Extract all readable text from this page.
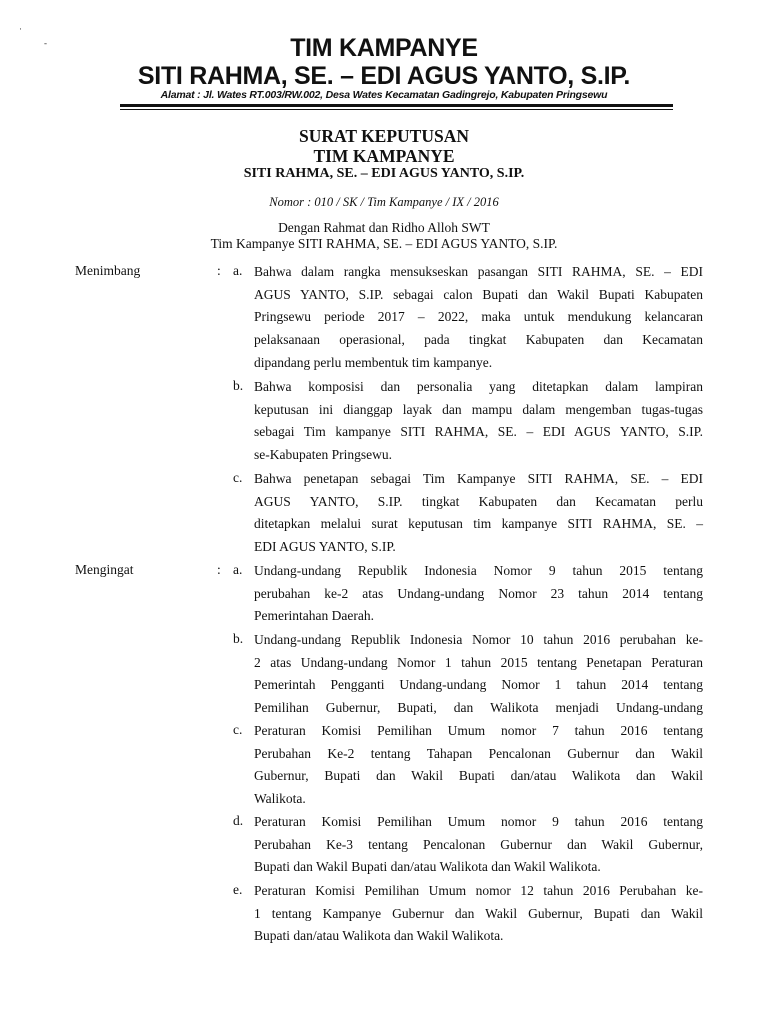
·
-	TIM KAMPANYE
SITI RAHMA, SE. – EDI AGUS YANTO, S.IP.
Alamat : Jl. Wates RT.003/RW.002, Desa Wates Kecamatan Gadingrejo, Kabupaten Pringsewu
SURAT KEPUTUSAN
TIM KAMPANYE
SITI RAHMA, SE. – EDI AGUS YANTO, S.IP.
Nomor : 010 / SK / Tim Kampanye / IX / 2016
Dengan Rahmat dan Ridho Alloh SWT
Tim Kampanye SITI RAHMA, SE. – EDI AGUS YANTO, S.IP.
Menimbang	: a. Bahwa dalam rangka mensukseskan pasangan SITI RAHMA, SE. – EDI
AGUS YANTO, S.IP. sebagai calon Bupati dan Wakil Bupati Kabupaten
Pringsewu periode 2017 – 2022, maka untuk mendukung kelancaran
pelaksanaan operasional, pada tingkat Kabupaten dan Kecamatan
dipandang perlu membentuk tim kampanye.
b. Bahwa komposisi dan personalia yang ditetapkan dalam lampiran
keputusan ini dianggap layak dan mampu dalam mengemban tugas-tugas
sebagai Tim kampanye SITI RAHMA, SE. – EDI AGUS YANTO, S.IP.
se-Kabupaten Pringsewu.
c. Bahwa penetapan sebagai Tim Kampanye SITI RAHMA, SE. – EDI
AGUS YANTO, S.IP. tingkat Kabupaten dan Kecamatan perlu
ditetapkan melalui surat keputusan tim kampanye SITI RAHMA, SE. –
EDI AGUS YANTO, S.IP.
Mengingat	: a. Undang-undang Republik Indonesia Nomor 9 tahun 2015 tentang
perubahan ke-2 atas Undang-undang Nomor 23 tahun 2014 tentang
Pemerintahan Daerah.
b. Undang-undang Republik Indonesia Nomor 10 tahun 2016 perubahan ke-
2 atas Undang-undang Nomor 1 tahun 2015 tentang Penetapan Peraturan
Pemerintah Pengganti Undang-undang Nomor 1 tahun 2014 tentang
Pemilihan Gubernur, Bupati, dan Walikota menjadi Undang-undang
c. Peraturan Komisi Pemilihan Umum nomor 7 tahun 2016 tentang
Perubahan Ke-2 tentang Tahapan Pencalonan Gubernur dan Wakil
Gubernur, Bupati dan Wakil Bupati dan/atau Walikota dan Wakil
Walikota.
d. Peraturan Komisi Pemilihan Umum nomor 9 tahun 2016 tentang
Perubahan Ke-3 tentang Pencalonan Gubernur dan Wakil Gubernur,
Bupati dan Wakil Bupati dan/atau Walikota dan Wakil Walikota.
e. Peraturan Komisi Pemilihan Umum nomor 12 tahun 2016 Perubahan ke-
1 tentang Kampanye Gubernur dan Wakil Gubernur, Bupati dan Wakil
Bupati dan/atau Walikota dan Wakil Walikota.
